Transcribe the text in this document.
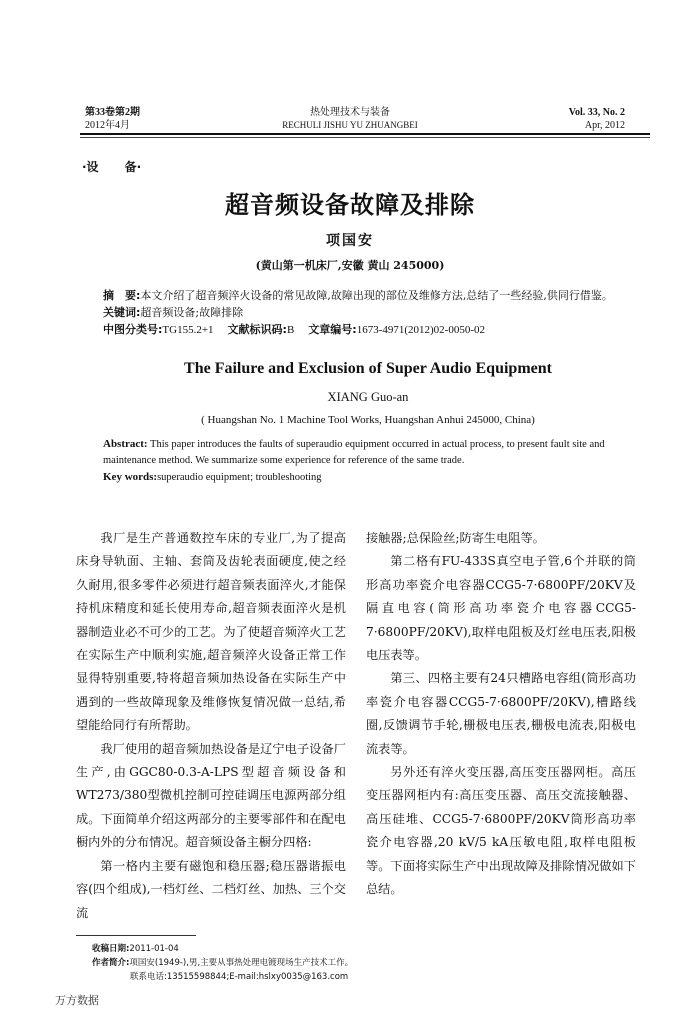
第33卷第2期
2012年4月
热处理技术与装备
RECHULI JISHU YU ZHUANGBEI
Vol. 33, No. 2
Apr, 2012
·设 备·
超音频设备故障及排除
项国安
(黄山第一机床厂,安徽 黄山 245000)
摘　要:本文介绍了超音频淬火设备的常见故障,故障出现的部位及维修方法,总结了一些经验,供同行借鉴。
关键词:超音频设备;故障排除
中图分类号:TG155.2+1 文献标识码:B 文章编号:1673-4971(2012)02-0050-02
The Failure and Exclusion of Super Audio Equipment
XIANG Guo-an
( Huangshan No. 1 Machine Tool Works, Huangshan Anhui 245000, China)
Abstract: This paper introduces the faults of superaudio equipment occurred in actual process, to present fault site and maintenance method. We summarize some experience for reference of the same trade.
Key words:superaudio equipment; troubleshooting

我厂是生产普通数控车床的专业厂,为了提高床身导轨面、主轴、套筒及齿轮表面硬度,使之经久耐用,很多零件必须进行超音频表面淬火,才能保持机床精度和延长使用寿命,超音频表面淬火是机器制造业必不可少的工艺。为了使超音频淬火工艺在实际生产中顺利实施,超音频淬火设备正常工作显得特别重要,特将超音频加热设备在实际生产中遇到的一些故障现象及维修恢复情况做一总结,希望能给同行有所帮助。

我厂使用的超音频加热设备是辽宁电子设备厂生产,由GGC80-0.3-A-LPS型超音频设备和WT273/380型微机控制可控硅调压电源两部分组成。下面简单介绍这两部分的主要零部件和在配电橱内外的分布情况。超音频设备主橱分四格:

第一格内主要有磁饱和稳压器;稳压器谐振电容(四个组成),一档灯丝、二档灯丝、加热、三个交流

接触器;总保险丝;防寄生电阻等。

第二格有FU-433S真空电子管,6个并联的筒形高功率瓷介电容器CCG5-7·6800PF/20KV及隔直电容(筒形高功率瓷介电容器CCG5-7·6800PF/20KV),取样电阻板及灯丝电压表,阳极电压表等。

第三、四格主要有24只槽路电容组(筒形高功率瓷介电容器CCG5-7·6800PF/20KV),槽路线圈,反馈调节手轮,栅极电压表,栅极电流表,阳极电流表等。

另外还有淬火变压器,高压变压器网柜。高压变压器网柜内有:高压变压器、高压交流接触器、高压硅堆、CCG5-7·6800PF/20KV筒形高功率瓷介电容器,20 kV/5 kA压敏电阻,取样电阻板等。下面将实际生产中出现故障及排除情况做如下总结。

收稿日期:2011-01-04
作者简介:项国安(1949-),男,主要从事热处理电镀现场生产技术工作。
联系电话:13515598844;E-mail:hslxy0035@163.com
万方数据
